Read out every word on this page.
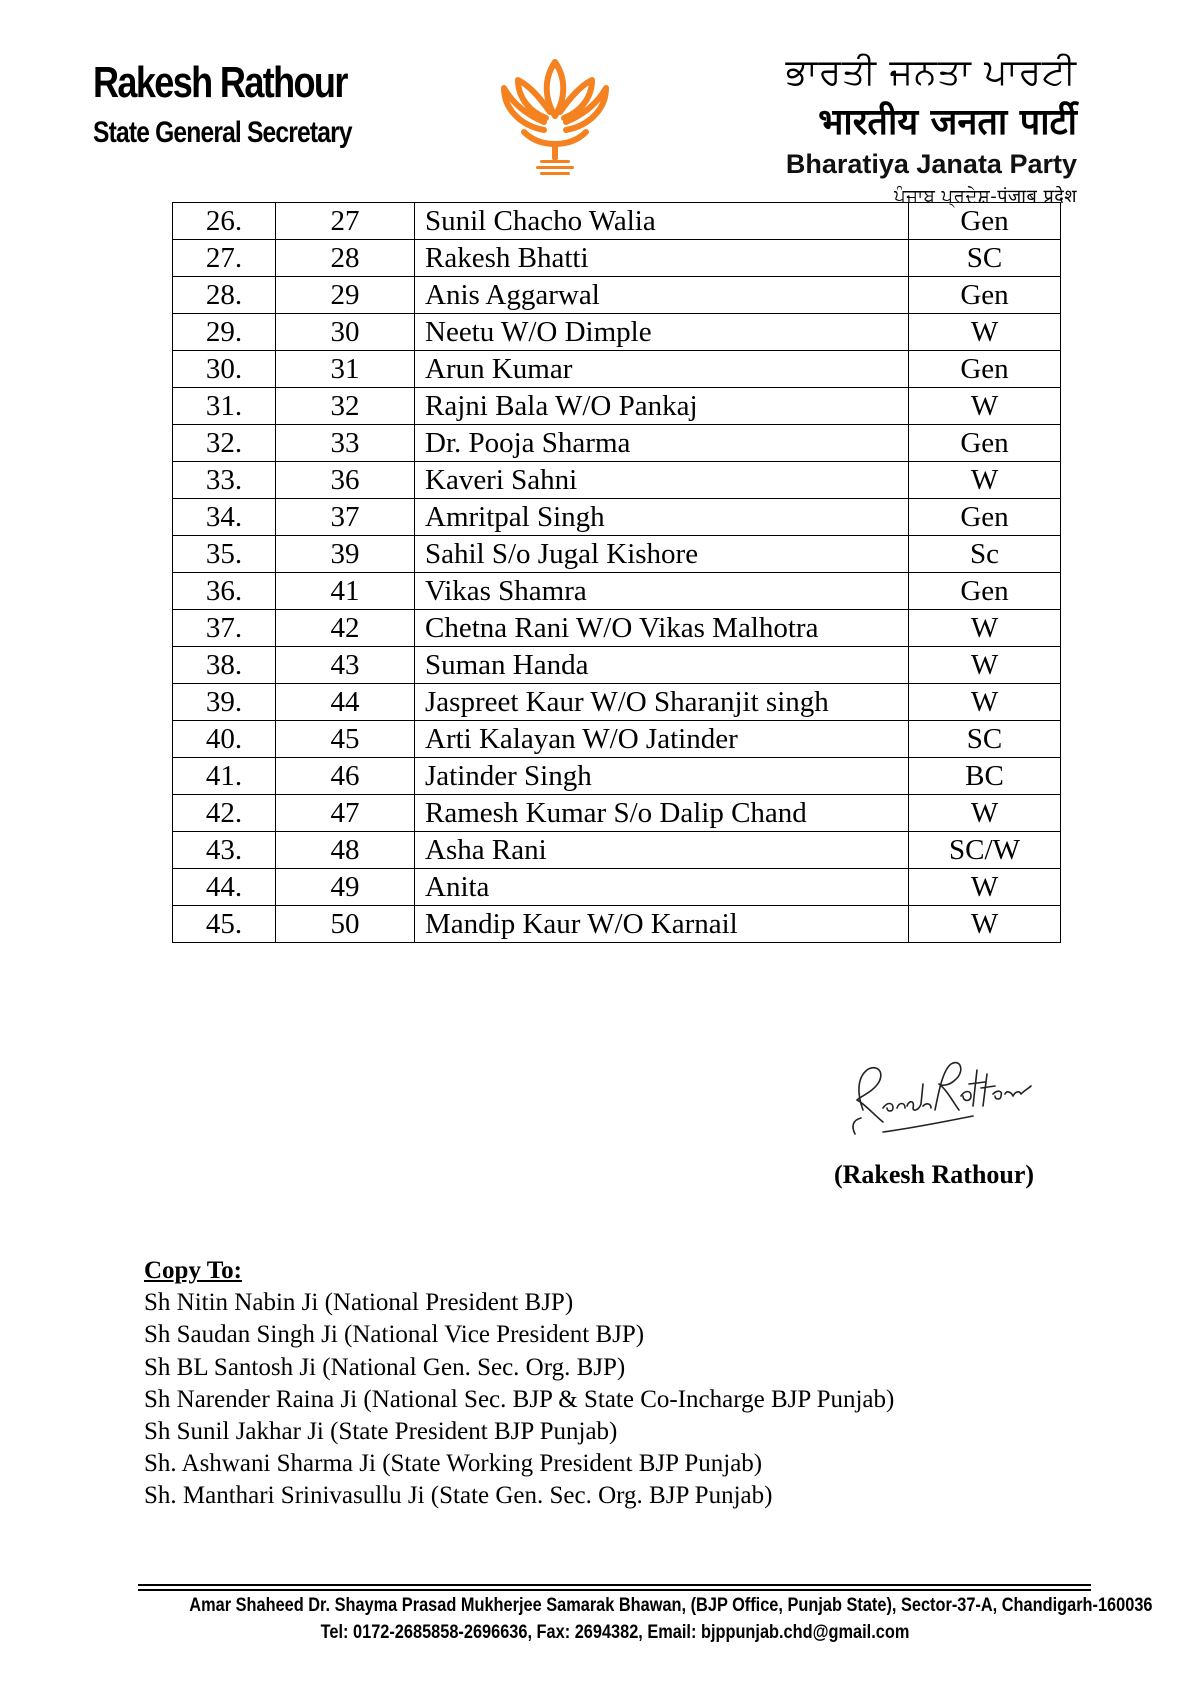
Rakesh Rathour
State General Secretary
ਭਾਰਤੀ ਜਨਤਾ ਪਾਰਟੀ
भारतीय जनता पार्टी
Bharatiya Janata Party
ਪੰਜਾਬ ਪ੍ਰਦੇਸ਼-पंजाब प्रदेश
26.	27	Sunil Chacho Walia	Gen
27.	28	Rakesh Bhatti	SC
28.	29	Anis Aggarwal	Gen
29.	30	Neetu W/O Dimple	W
30.	31	Arun Kumar	Gen
31.	32	Rajni Bala W/O Pankaj	W
32.	33	Dr. Pooja Sharma	Gen
33.	36	Kaveri Sahni	W
34.	37	Amritpal Singh	Gen
35.	39	Sahil S/o Jugal Kishore	Sc
36.	41	Vikas Shamra	Gen
37.	42	Chetna Rani W/O Vikas Malhotra	W
38.	43	Suman Handa	W
39.	44	Jaspreet Kaur W/O Sharanjit singh	W
40.	45	Arti Kalayan W/O Jatinder	SC
41.	46	Jatinder Singh	BC
42.	47	Ramesh Kumar S/o Dalip Chand	W
43.	48	Asha Rani	SC/W
44.	49	Anita	W
45.	50	Mandip Kaur W/O Karnail	W
(Rakesh Rathour)
Copy To:
Sh Nitin Nabin Ji (National President BJP)
Sh Saudan Singh Ji (National Vice President BJP)
Sh BL Santosh Ji (National Gen. Sec. Org. BJP)
Sh Narender Raina Ji (National Sec. BJP & State Co-Incharge BJP Punjab)
Sh Sunil Jakhar Ji (State President BJP Punjab)
Sh. Ashwani Sharma Ji (State Working President BJP Punjab)
Sh. Manthari Srinivasullu Ji (State Gen. Sec. Org. BJP Punjab)
Amar Shaheed Dr. Shayma Prasad Mukherjee Samarak Bhawan, (BJP Office, Punjab State), Sector-37-A, Chandigarh-160036
Tel: 0172-2685858-2696636, Fax: 2694382, Email: bjppunjab.chd@gmail.com
